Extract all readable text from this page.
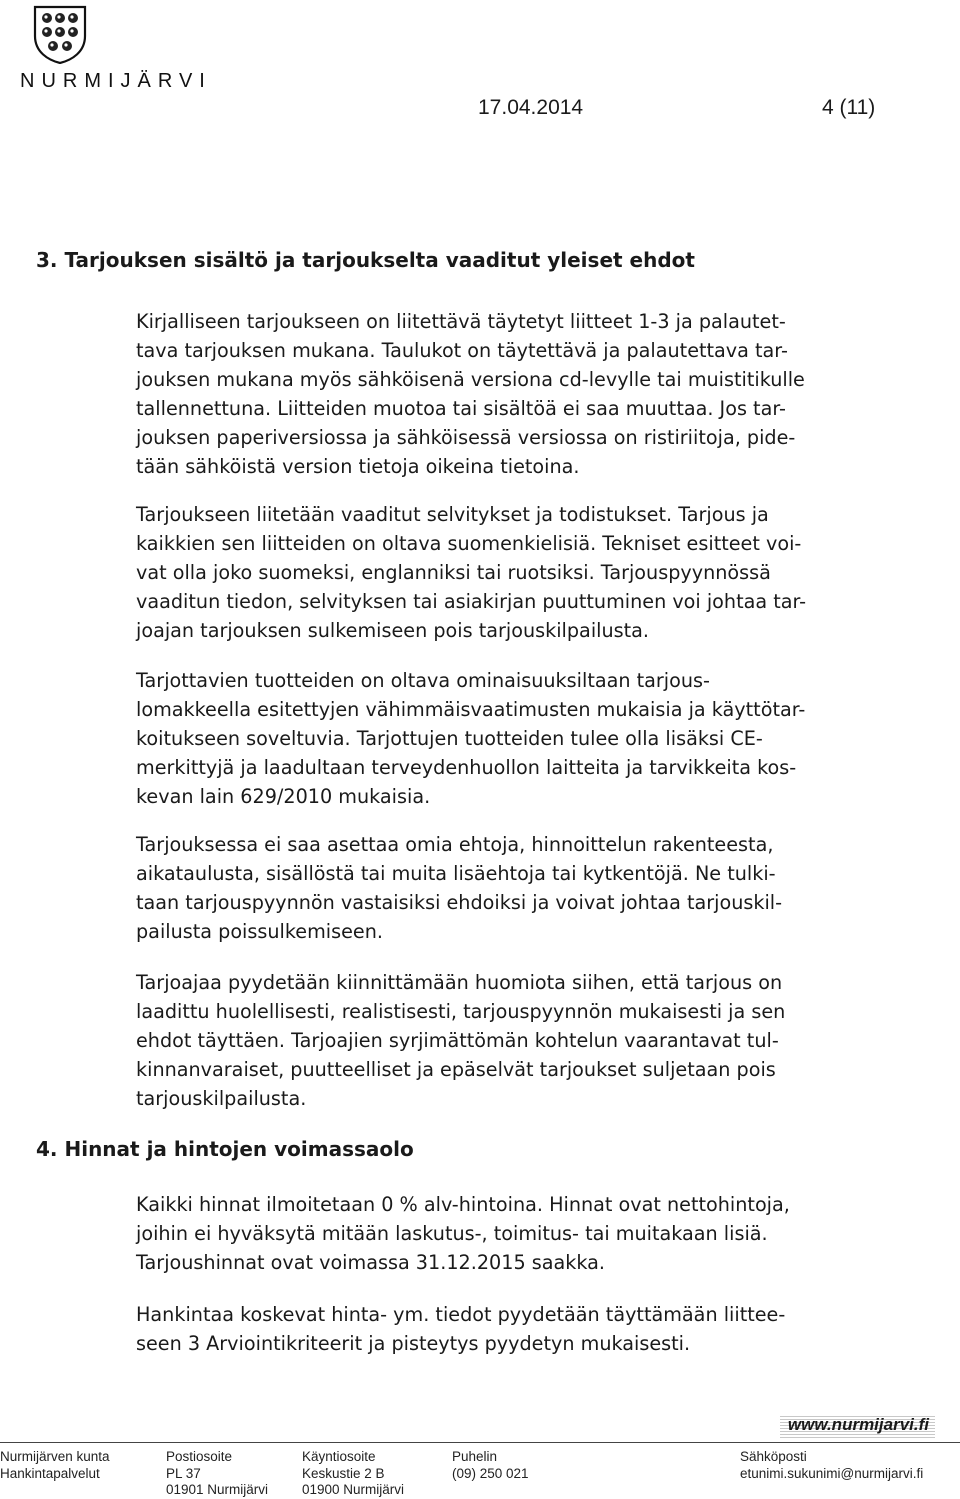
NURMIJÄRVI
17.04.2014	4 (11)
3. Tarjouksen sisältö ja tarjoukselta vaaditut yleiset ehdot

Kirjalliseen tarjoukseen on liitettävä täytetyt liitteet 1-3 ja palautet-
tava tarjouksen mukana. Taulukot on täytettävä ja palautettava tar-
jouksen mukana myös sähköisenä versiona cd-levylle tai muistitikulle
tallennettuna. Liitteiden muotoa tai sisältöä ei saa muuttaa. Jos tar-
jouksen paperiversiossa ja sähköisessä versiossa on ristiriitoja, pide-
tään sähköistä version tietoja oikeina tietoina.

Tarjoukseen liitetään vaaditut selvitykset ja todistukset. Tarjous ja
kaikkien sen liitteiden on oltava suomenkielisiä. Tekniset esitteet voi-
vat olla joko suomeksi, englanniksi tai ruotsiksi. Tarjouspyynnössä
vaaditun tiedon, selvityksen tai asiakirjan puuttuminen voi johtaa tar-
joajan tarjouksen sulkemiseen pois tarjouskilpailusta.

Tarjottavien tuotteiden on oltava ominaisuuksiltaan tarjous-
lomakkeella esitettyjen vähimmäisvaatimusten mukaisia ja käyttötar-
koitukseen soveltuvia. Tarjottujen tuotteiden tulee olla lisäksi CE-
merkittyjä ja laadultaan terveydenhuollon laitteita ja tarvikkeita kos-
kevan lain 629/2010 mukaisia.

Tarjouksessa ei saa asettaa omia ehtoja, hinnoittelun rakenteesta,
aikataulusta, sisällöstä tai muita lisäehtoja tai kytkentöjä. Ne tulki-
taan tarjouspyynnön vastaisiksi ehdoiksi ja voivat johtaa tarjouskil-
pailusta poissulkemiseen.

Tarjoajaa pyydetään kiinnittämään huomiota siihen, että tarjous on
laadittu huolellisesti, realistisesti, tarjouspyynnön mukaisesti ja sen
ehdot täyttäen. Tarjoajien syrjimättömän kohtelun vaarantavat tul-
kinnanvaraiset, puutteelliset ja epäselvät tarjoukset suljetaan pois
tarjouskilpailusta.

4. Hinnat ja hintojen voimassaolo

Kaikki hinnat ilmoitetaan 0 % alv-hintoina. Hinnat ovat nettohintoja,
joihin ei hyväksytä mitään laskutus-, toimitus- tai muitakaan lisiä.
Tarjoushinnat ovat voimassa 31.12.2015 saakka.

Hankintaa koskevat hinta- ym. tiedot pyydetään täyttämään liittee-
seen 3 Arviointikriteerit ja pisteytys pyydetyn mukaisesti.

www.nurmijarvi.fi
Nurmijärven kunta
Hankintapalvelut
Postiosoite
PL 37
01901 Nurmijärvi
Käyntiosoite
Keskustie 2 B
01900 Nurmijärvi
Puhelin
(09) 250 021
Sähköposti
etunimi.sukunimi@nurmijarvi.fi
